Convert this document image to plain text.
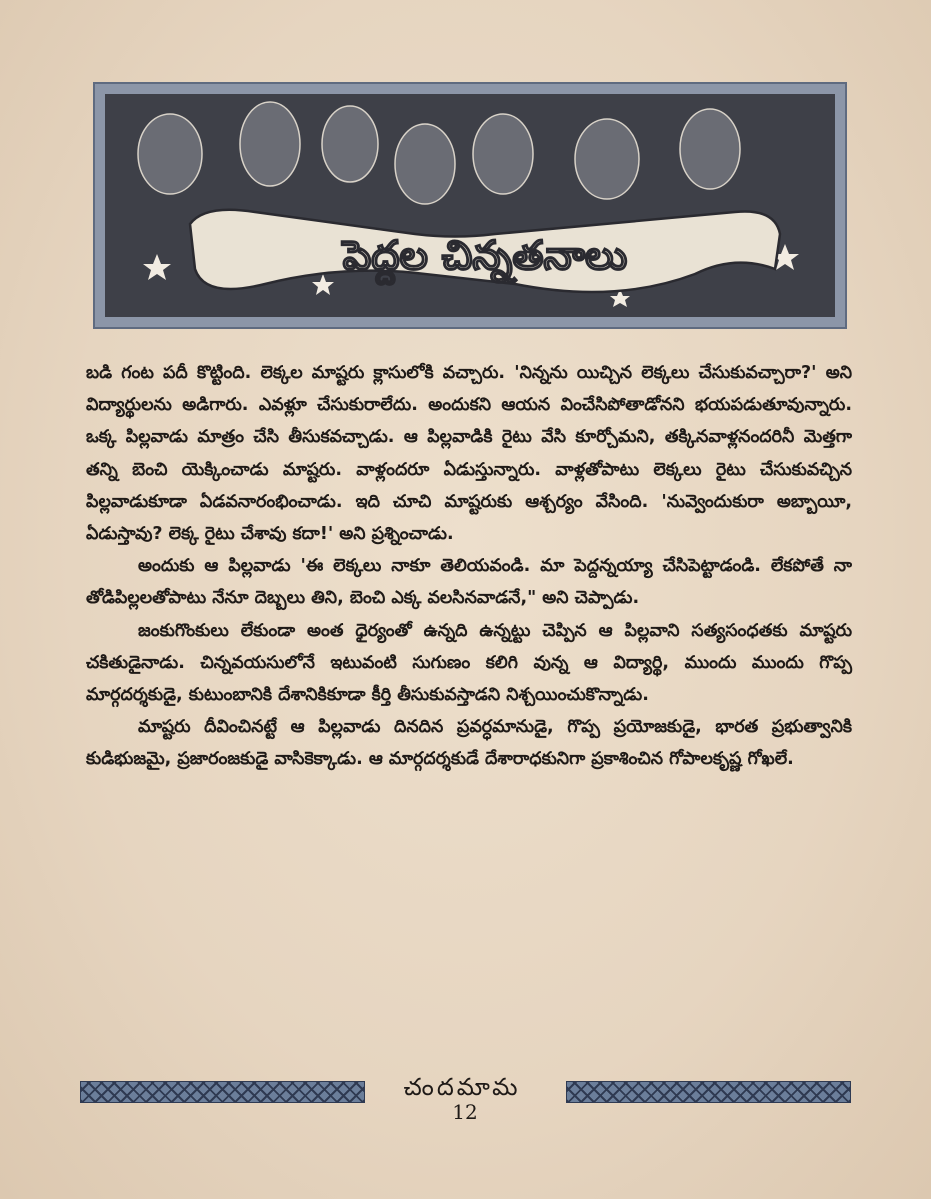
పెద్దల చిన్నతనాలు

బడి గంట పదీ కొట్టింది. లెక్కల మాష్టరు క్లాసులోకి వచ్చారు. 'నిన్నను యిచ్చిన లెక్కలు చేసుకువచ్చారా?' అని విద్యార్థులను అడిగారు. ఎవళ్లూ చేసుకురాలేదు. అందుకని ఆయన వించేసిపోతాడోనని భయపడుతూవున్నారు. ఒక్క పిల్లవాడు మాత్రం చేసి తీసుకవచ్చాడు. ఆ పిల్లవాడికి రైటు వేసి కూర్చోమని, తక్కినవాళ్లనందరినీ మెత్తగా తన్ని బెంచి యెక్కించాడు మాష్టరు. వాళ్లందరూ ఏడుస్తున్నారు. వాళ్లతోపాటు లెక్కలు రైటు చేసుకువచ్చిన పిల్లవాడుకూడా ఏడవనారంభించాడు. ఇది చూచి మాష్టరుకు ఆశ్చర్యం వేసింది. 'నువ్వెందుకురా అబ్బాయీ, ఏడుస్తావు? లెక్క రైటు చేశావు కదా!' అని ప్రశ్నించాడు.

అందుకు ఆ పిల్లవాడు 'ఈ లెక్కలు నాకూ తెలియవండి. మా పెద్దన్నయ్యా చేసిపెట్టాడండి. లేకపోతే నా తోడిపిల్లలతోపాటు నేనూ దెబ్బలు తిని, బెంచి ఎక్క వలసినవాడనే," అని చెప్పాడు.

జంకుగొంకులు లేకుండా అంత ధైర్యంతో ఉన్నది ఉన్నట్టు చెప్పిన ఆ పిల్లవాని సత్యసంధతకు మాష్టరు చకితుడైనాడు. చిన్నవయసులోనే ఇటువంటి సుగుణం కలిగి వున్న ఆ విద్యార్థి, ముందు ముందు గొప్ప మార్గదర్శకుడై, కుటుంబానికి దేశానికికూడా కీర్తి తీసుకువస్తాడని నిశ్చయించుకొన్నాడు.

మాష్టరు దీవించినట్టే ఆ పిల్లవాడు దినదిన ప్రవర్ధమానుడై, గొప్ప ప్రయోజకుడై, భారత ప్రభుత్వానికి కుడిభుజమై, ప్రజారంజకుడై వాసికెక్కాడు. ఆ మార్గదర్శకుడే దేశారాధకునిగా ప్రకాశించిన గోపాలకృష్ణ గోఖలే.

చందమామ
12
